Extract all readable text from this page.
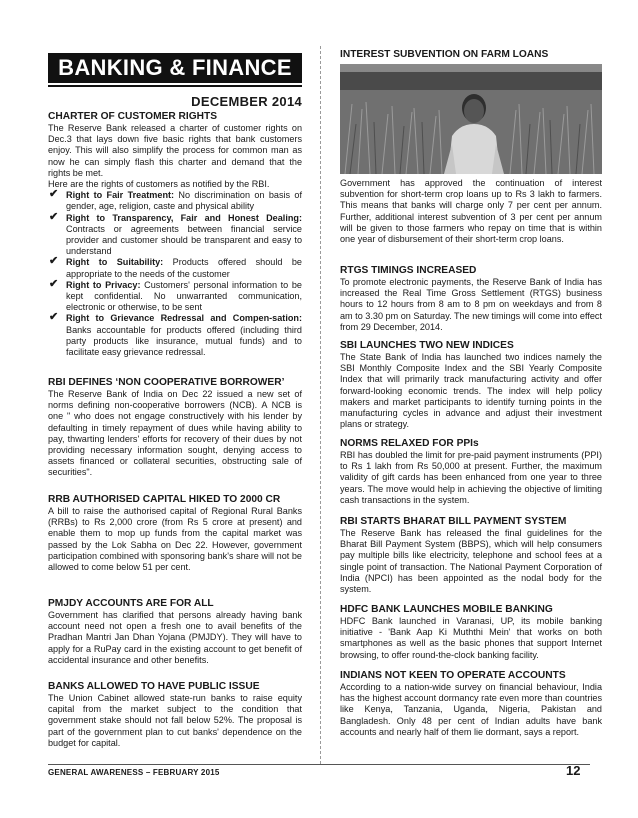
BANKING & FINANCE
DECEMBER 2014
CHARTER OF CUSTOMER RIGHTS

The Reserve Bank released a charter of customer rights on Dec.3 that lays down five basic rights that bank customers enjoy. This will also simplify the process for common man as now he can simply flash this charter and demand that the rights be met.

Here are the rights of customers as notified by the RBI.

✔ Right to Fair Treatment: No discrimination on basis of gender, age, religion, caste and physical ability
✔ Right to Transparency, Fair and Honest Dealing: Contracts or agreements between financial service provider and customer should be transparent and easy to understand
✔ Right to Suitability: Products offered should be appropriate to the needs of the customer
✔ Right to Privacy: Customers' personal information to be kept confidential. No unwarranted communication, electronic or otherwise, to be sent
✔ Right to Grievance Redressal and Compen-sation: Banks accountable for products offered (including third party products like insurance, mutual funds) and to facilitate easy grievance redressal.
RBI DEFINES ‘NON COOPERATIVE BORROWER’

The Reserve Bank of India on Dec 22 issued a new set of norms defining non-cooperative borrowers (NCB). A NCB is one " who does not engage constructively with his lender by defaulting in timely repayment of dues while having ability to pay, thwarting lenders' efforts for recovery of their dues by not providing necessary information sought, denying access to assets financed or collateral securities, obstructing sale of securities".

RRB AUTHORISED CAPITAL HIKED TO 2000 CR

A bill to raise the authorised capital of Regional Rural Banks (RRBs) to Rs 2,000 crore (from Rs 5 crore at present) and enable them to mop up funds from the capital market was passed by the Lok Sabha on Dec 22. However, government participation combined with sponsoring bank's share will not be allowed to come below 51 per cent.

PMJDY ACCOUNTS ARE FOR ALL

Government has clarified that persons already having bank account need not open a fresh one to avail benefits of the Pradhan Mantri Jan Dhan Yojana (PMJDY). They will have to apply for a RuPay card in the existing account to get benefit of accidental insurance and other benefits.

BANKS ALLOWED TO HAVE PUBLIC ISSUE

The Union Cabinet allowed state-run banks to raise equity capital from the market subject to the condition that government stake should not fall below 52%. The proposal is part of the government plan to cut banks' dependence on the budget for capital.

INTEREST SUBVENTION ON FARM LOANS

Government has approved the continuation of interest subvention for short-term crop loans up to Rs 3 lakh to farmers. This means that banks will charge only 7 per cent per annum. Further, additional interest subvention of 3 per cent per annum will be given to those farmers who repay on time that is within one year of disbursement of their short-term crop loans.

RTGS TIMINGS INCREASED

To promote electronic payments, the Reserve Bank of India has increased the Real Time Gross Settlement (RTGS) business hours to 12 hours from 8 am to 8 pm on weekdays and from 8 am to 3.30 pm on Saturday. The new timings will come into effect from 29 December, 2014.

SBI LAUNCHES TWO NEW INDICES

The State Bank of India has launched two indices namely the SBI Monthly Composite Index and the SBI Yearly Composite Index that will primarily track manufacturing activity and offer forward-looking economic trends. The index will help policy makers and market participants to identify turning points in the manufacturing cycles in advance and adjust their investment plans or strategy.

NORMS RELAXED FOR PPIs

RBI has doubled the limit for pre-paid payment instruments (PPI) to Rs 1 lakh from Rs 50,000 at present. Further, the maximum validity of gift cards has been enhanced from one year to three years. The move would help in achieving the objective of limiting cash transactions in the system.

RBI STARTS BHARAT BILL PAYMENT SYSTEM

The Reserve Bank has released the final guidelines for the Bharat Bill Payment System (BBPS), which will help consumers pay multiple bills like electricity, telephone and school fees at a single point of transaction. The National Payment Corporation of India (NPCI) has been appointed as the nodal body for the system.

HDFC BANK LAUNCHES MOBILE BANKING

HDFC Bank launched in Varanasi, UP, its mobile banking initiative - 'Bank Aap Ki Muththi Mein' that works on both smartphones as well as the basic phones that support Internet browsing, to offer round-the-clock banking facility.

INDIANS NOT KEEN TO OPERATE ACCOUNTS

According to a nation-wide survey on financial behaviour, India has the highest account dormancy rate even more than countries like Kenya, Tanzania, Uganda, Nigeria, Pakistan and Bangladesh. Only 48 per cent of Indian adults have bank accounts and nearly half of them lie dormant, says a report.

GENERAL AWARENESS – FEBRUARY 2015	12
